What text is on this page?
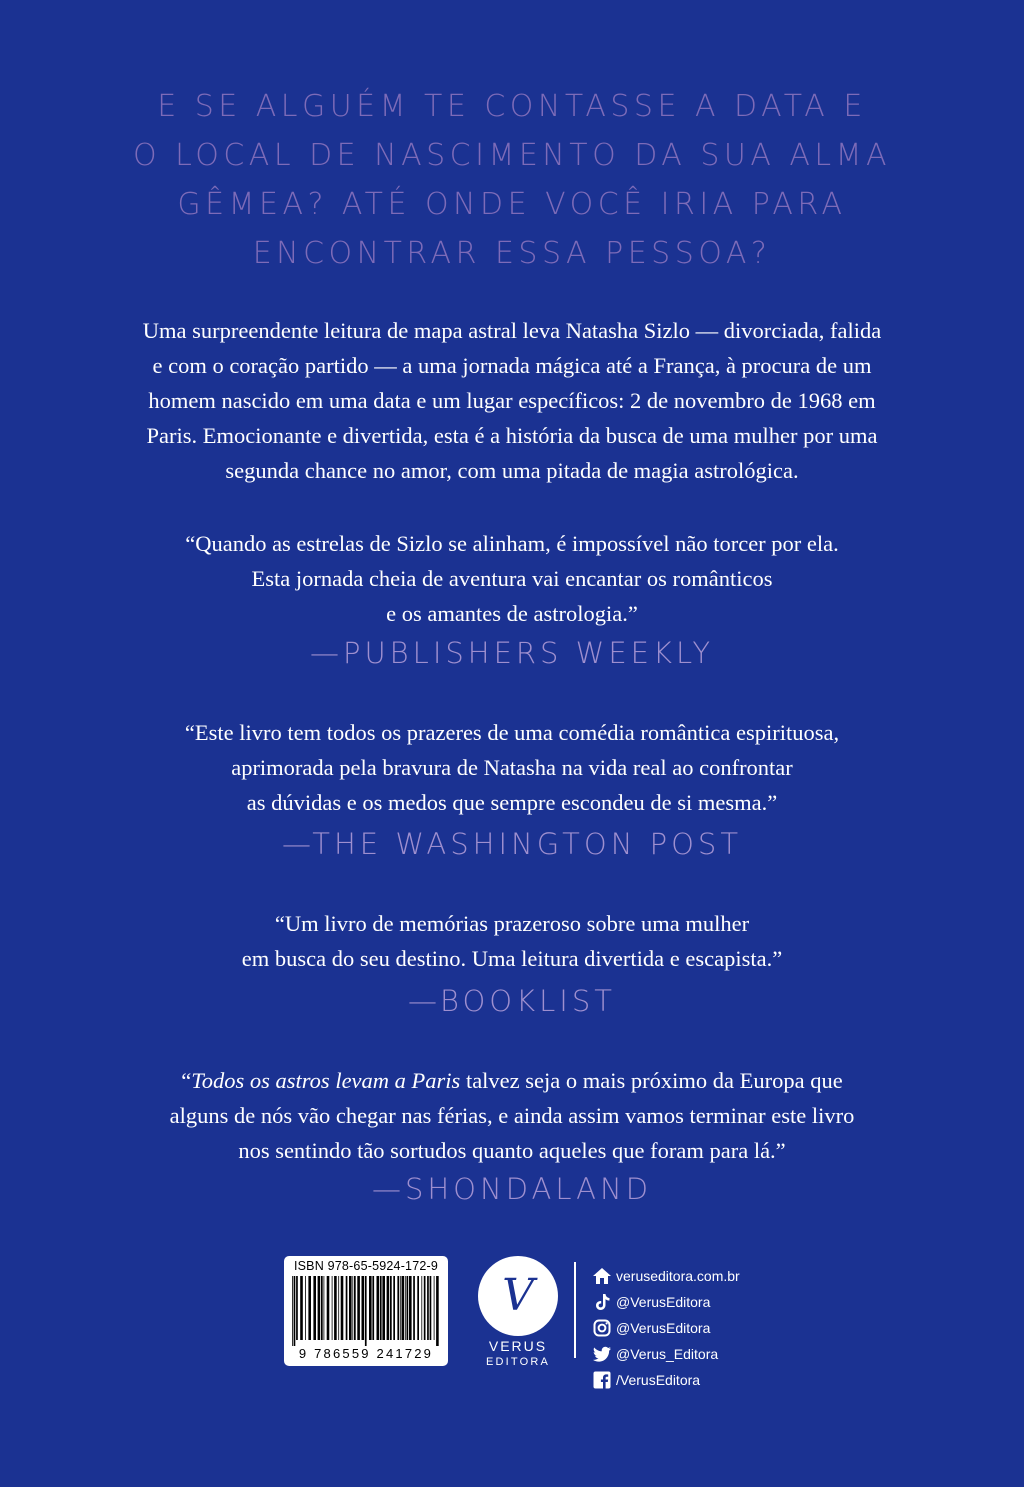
E SE ALGUÉM TE CONTASSE A DATA E
O LOCAL DE NASCIMENTO DA SUA ALMA
GÊMEA? ATÉ ONDE VOCÊ IRIA PARA
ENCONTRAR ESSA PESSOA?
Uma surpreendente leitura de mapa astral leva Natasha Sizlo — divorciada, falida
e com o coração partido — a uma jornada mágica até a França, à procura de um
homem nascido em uma data e um lugar específicos: 2 de novembro de 1968 em
Paris. Emocionante e divertida, esta é a história da busca de uma mulher por uma
segunda chance no amor, com uma pitada de magia astrológica.
“Quando as estrelas de Sizlo se alinham, é impossível não torcer por ela.
Esta jornada cheia de aventura vai encantar os românticos
e os amantes de astrologia.”
—PUBLISHERS WEEKLY
“Este livro tem todos os prazeres de uma comédia romântica espirituosa,
aprimorada pela bravura de Natasha na vida real ao confrontar
as dúvidas e os medos que sempre escondeu de si mesma.”
—THE WASHINGTON POST
“Um livro de memórias prazeroso sobre uma mulher
em busca do seu destino. Uma leitura divertida e escapista.”
—BOOKLIST
“Todos os astros levam a Paris talvez seja o mais próximo da Europa que
alguns de nós vão chegar nas férias, e ainda assim vamos terminar este livro
nos sentindo tão sortudos quanto aqueles que foram para lá.”
—SHONDALAND
ISBN 978-65-5924-172-9
9 786559 241729
V
VERUS
EDITORA
veruseditora.com.br
@VerusEditora
@VerusEditora
@Verus_Editora
/VerusEditora
